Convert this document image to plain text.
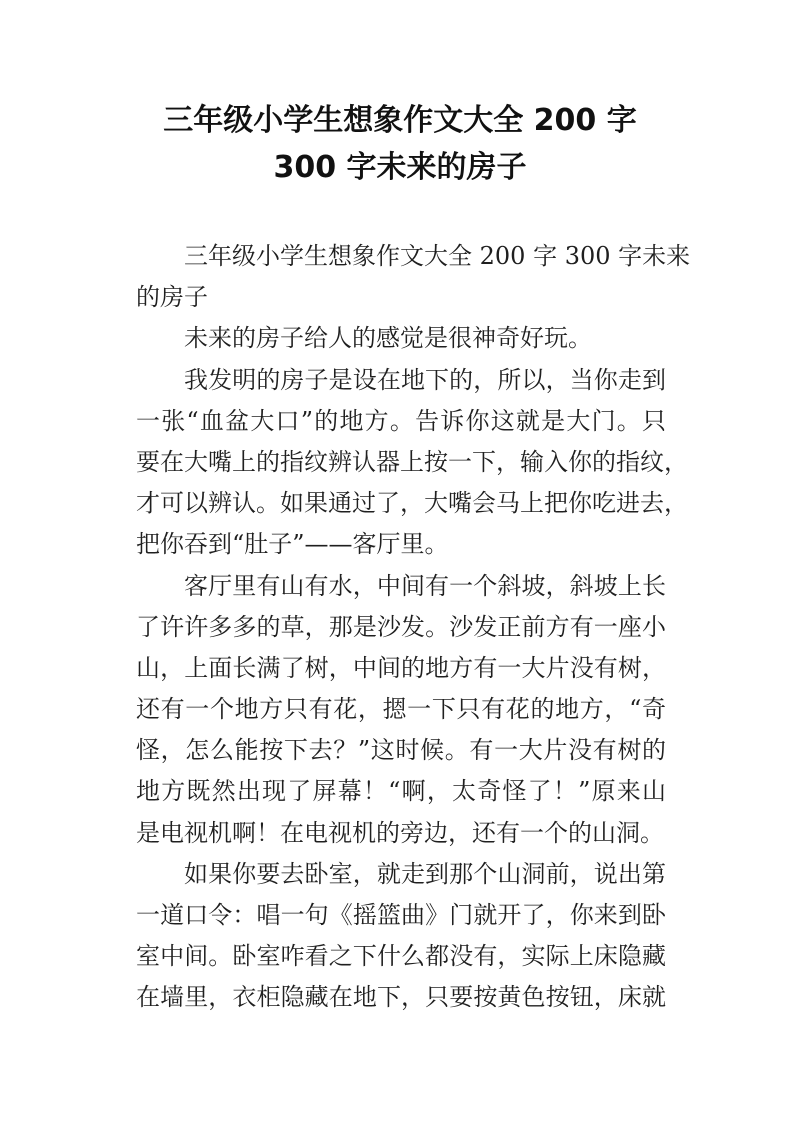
三年级小学生想象作文大全 200 字
300 字未来的房子
三年级小学生想象作文大全 200 字 300 字未来
的房子
未来的房子给人的感觉是很神奇好玩。
我发明的房子是设在地下的，所以，当你走到
一张“血盆大口”的地方。告诉你这就是大门。只
要在大嘴上的指纹辨认器上按一下，输入你的指纹，
才可以辨认。如果通过了，大嘴会马上把你吃进去，
把你吞到“肚子”——客厅里。
客厅里有山有水，中间有一个斜坡，斜坡上长
了许许多多的草，那是沙发。沙发正前方有一座小
山，上面长满了树，中间的地方有一大片没有树，
还有一个地方只有花，摁一下只有花的地方，“奇
怪，怎么能按下去？”这时候。有一大片没有树的
地方既然出现了屏幕！“啊，太奇怪了！”原来山
是电视机啊！在电视机的旁边，还有一个的山洞。
如果你要去卧室，就走到那个山洞前，说出第
一道口令：唱一句《摇篮曲》门就开了，你来到卧
室中间。卧室咋看之下什么都没有，实际上床隐藏
在墙里，衣柜隐藏在地下，只要按黄色按钮，床就
